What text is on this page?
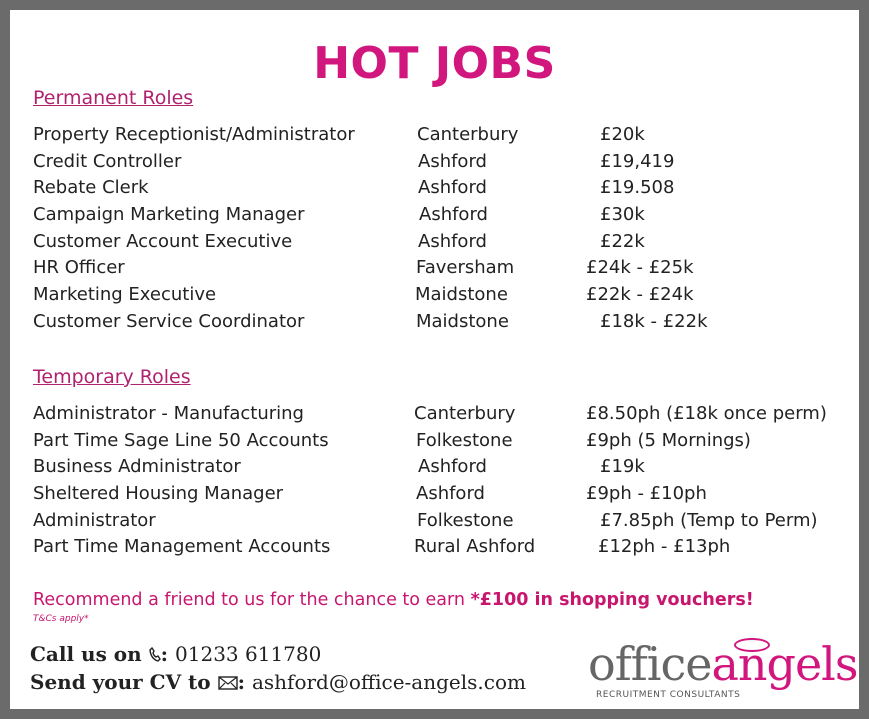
HOT JOBS
Permanent Roles
Property Receptionist/Administrator	Canterbury	£20k
Credit Controller	Ashford	£19,419
Rebate Clerk	Ashford	£19.508
Campaign Marketing Manager	Ashford	£30k
Customer Account Executive	Ashford	£22k
HR Officer	Faversham	£24k - £25k
Marketing Executive	Maidstone	£22k - £24k
Customer Service Coordinator	Maidstone	£18k - £22k
Temporary Roles
Administrator - Manufacturing	Canterbury	£8.50ph (£18k once perm)
Part Time Sage Line 50 Accounts	Folkestone	£9ph (5 Mornings)
Business Administrator	Ashford	£19k
Sheltered Housing Manager	Ashford	£9ph - £10ph
Administrator	Folkestone	£7.85ph (Temp to Perm)
Part Time Management Accounts	Rural Ashford	£12ph - £13ph
Recommend a friend to us for the chance to earn *£100 in shopping vouchers!
T&Cs apply*
Call us on : 01233 611780
Send your CV to : ashford@office-angels.com officeangels
RECRUITMENT CONSULTANTS
